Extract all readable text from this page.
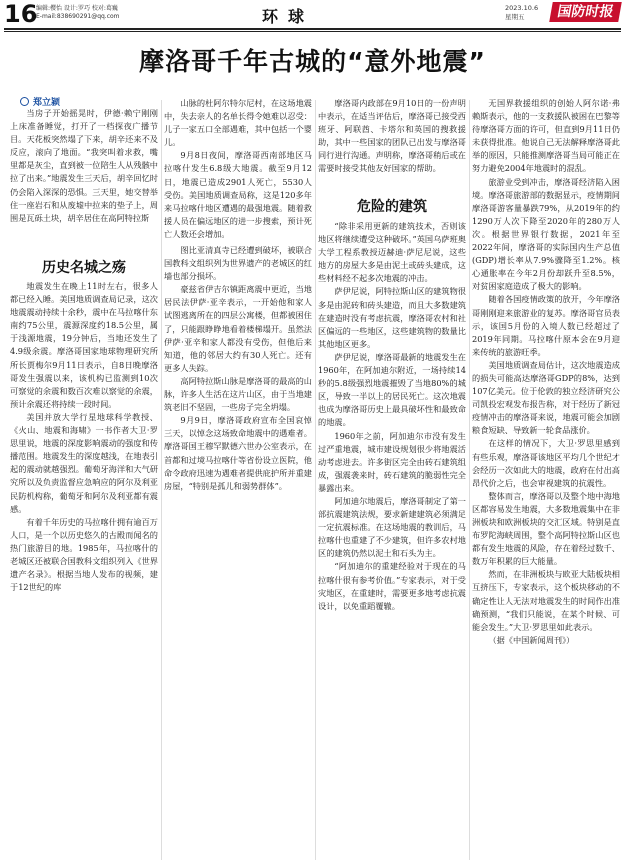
16
编辑:樱怡 设计:罗巧 校对:葛巍
E-mail:838690291@qq.com	环球	2023.10.6
星期五	国防时报
摩洛哥千年古城的“意外地震”
郑立颍

当房子开始摇晃时，伊德·赖宁刚刚上床准备睡觉，打开了一档探夜广播节目。天花板突然塌了下来，胡辛还来不及反应，滚向了地面。“我突叫着求救，嘴里都是灰尘，直到被一位陪生人从残骸中拉了出来。”地震发生三天后，胡辛回忆时仍会陷入深深的恐惧。三天里，她交替举住一座岩石和从废墟中拉来的垫子上，周围是瓦砾土块，胡辛居住在高阿特拉斯

历史名城之殇

地震发生在晚上11时左右，很多人都已经入睡。美国地质调查局记录，这次地震震动持续十余秒，震中在马拉喀什东南约75公里，震源深度约18.5公里，属于浅源地震，19分钟后，当地还发生了4.9级余震。摩洛哥国家地球物理研究所所长贾梅尔9月11日表示，自8日晚摩洛哥发生强震以来，该机构已监测到10次可察觉的余震和数百次难以察觉的余震，预计余震还将持续一段时间。

美国并放大学行星地球科学教授、《火山、地震和海啸》一书作者大卫·罗思里说，地震的深度影响震动的强度和传播范围。地震发生的深度越浅，在地表引起的震动就越强烈。葡萄牙海洋和大气研究所以及负责监督应急响应的阿尔及利亚民防机构称，葡萄牙和阿尔及利亚都有震感。

有着千年历史的马拉喀什拥有逾百万人口，是一个以历史悠久的古殿而闻名的热门旅游目的地。1985年，马拉喀什的老城区还被联合国教科文组织列入《世界遗产名录》。根据当地人发布的视频，建于12世纪的库

山脉的杜阿尔特尔尼村，在这场地震中，失去亲人的名单长得令她难以忍受：儿子一家五口全部遇难，其中包括一个婴儿。

9月8日夜间，摩洛哥西南部地区马拉喀什发生6.8级大地震。截至9月12日，地震已造成2901人死亡，5530人受伤。美国地质调查局称，这是120多年来马拉喀什地区遭遇的最强地震。随着救援人员在偏远地区的进一步搜索，预计死亡人数还会增加。

图比亚清真寺已经遭到破坏，被联合国教科文组织列为世界遗产的老城区的红墙也部分损坏。

豪兹省伊吉尔镇距离震中更近，当地居民法伊萨·亚辛表示，一开始他和家人试图逃离所在的四层公寓楼，但都被困住了，只能跟睁睁地看着楼梯塌开。虽然法伊萨·亚辛和家人都没有受伤，但他后来知道，他的邻居大约有30人死亡。还有更多人失踪。

高阿特拉斯山脉是摩洛哥的最高的山脉，许多人生活在这片山区，由于当地建筑老旧不坚固，一些房子完全坍塌。

9月9日，摩洛哥政府宣布全国哀悼三天，以悼念这场致命地震中的遇难者。摩洛哥国王穆罕默德六世办公室表示，在首都和过境马拉喀什等省份设立医院，他命令政府迅速为遇难者提供庇护所并重建房屋，“特别是孤儿和弱势群体”。

摩洛哥内政部在9月10日的一份声明中表示，在适当评估后，摩洛哥已接受西班牙、阿联酋、卡塔尔和英国的搜救援助，其中一些国家的团队已出发与摩洛哥同行进行沟通。声明称，摩洛哥稍后或在需要时接受其他友好国家的帮助。

危险的建筑

“除非采用更新的建筑技术，否则该地区将继续遭受这种破坏。”英国乌萨班奥大学工程系教授迈赫迪·萨尼尼说，这些地方的房屋大多是由泥土或砖头建成，这些材料经不起多次地震的冲击。

萨伊尼说，阿特拉斯山区的建筑物很多是由泥砖和砖头建造，而且大多数建筑在建造时没有考虑抗震，摩洛哥农村和社区偏远的一些地区，这些建筑物的数量比其他地区更多。

萨伊尼说，摩洛哥最新的地震发生在1960年，在阿加迪尔附近，一场持续14秒的5.8级强烈地震摧毁了当地80%的城区，导致一半以上的居民死亡。这次地震也成为摩洛哥历史上最具破坏性和最致命的地震。

1960年之前，阿加迪尔市没有发生过严重地震，城市建设规划很少将地震活动考虑进去。许多街区完全由砖石建筑组成，强震袭来时，砖石建筑的脆弱性完全暴露出来。

阿加迪尔地震后，摩洛哥制定了第一部抗震建筑法规，要求新建建筑必须满足一定抗震标准。在这场地震的教训后，马拉喀什也重建了不少建筑，但许多农村地区的建筑仍然以泥土和石头为主。

“阿加迪尔的重建经验对于现在的马拉喀什很有参考价值。”专家表示，对于受灾地区，在重建时，需要更多地考虑抗震设计，以免重蹈覆辙。

无国界救援组织的创始人阿尔诺·弗赖斯表示，他的一支救援队被困在巴黎等待摩洛哥方面的许可，但直到9月11日仍未获得批准。他说自己无法解释摩洛哥此举的原因，只能推测摩洛哥当局可能正在努力避免2004年地震时的混乱。

旅游业受到冲击，摩洛哥经济陷入困境。摩洛哥旅游部的数据显示，疫情期间摩洛哥游客量暴跌79%，从2019年的约1290万人次下降至2020年的280万人次。根据世界银行数据，2021年至2022年间，摩洛哥的实际国内生产总值(GDP)增长率从7.9%骤降至1.2%。核心通胀率在今年2月份却跃升至8.5%，对贫困家庭造成了极大的影响。

随着各国疫情政策的放开，今年摩洛哥刚刚迎来旅游业的复苏。摩洛哥官员表示，该国5月份的入境人数已经超过了2019年同期。马拉喀什原本会在9月迎来传统的旅游旺季。

美国地质调查局估计，这次地震造成的损失可能高达摩洛哥GDP的8%，达到107亿美元。位于伦敦的独立经济研究公司凯投宏观发布报告称，对于经历了新冠疫情冲击的摩洛哥来说，地震可能会加剧粮食短缺、导致新一轮食品涨价。

在这样的情况下，大卫·罗思里感到有些乐观，摩洛哥该地区平均几个世纪才会经历一次如此大的地震，政府在付出高昂代价之后，也会审视建筑的抗震性。

整体而言，摩洛哥以及整个地中海地区都容易发生地震，大多数地震集中在非洲板块和欧洲板块的交汇区域。特别是直布罗陀海峡周围，整个高阿特拉斯山区也都有发生地震的风险，存在着经过数千、数万年积累的巨大能量。

然而，在非洲板块与欧亚大陆板块相互挤压下，专家表示，这个板块移动的不确定性让人无法对地震发生的时间作出准确预测，“我们只能说，在某个时候、可能会发生。”大卫·罗思里如此表示。

（据《中国新闻周刊》）
